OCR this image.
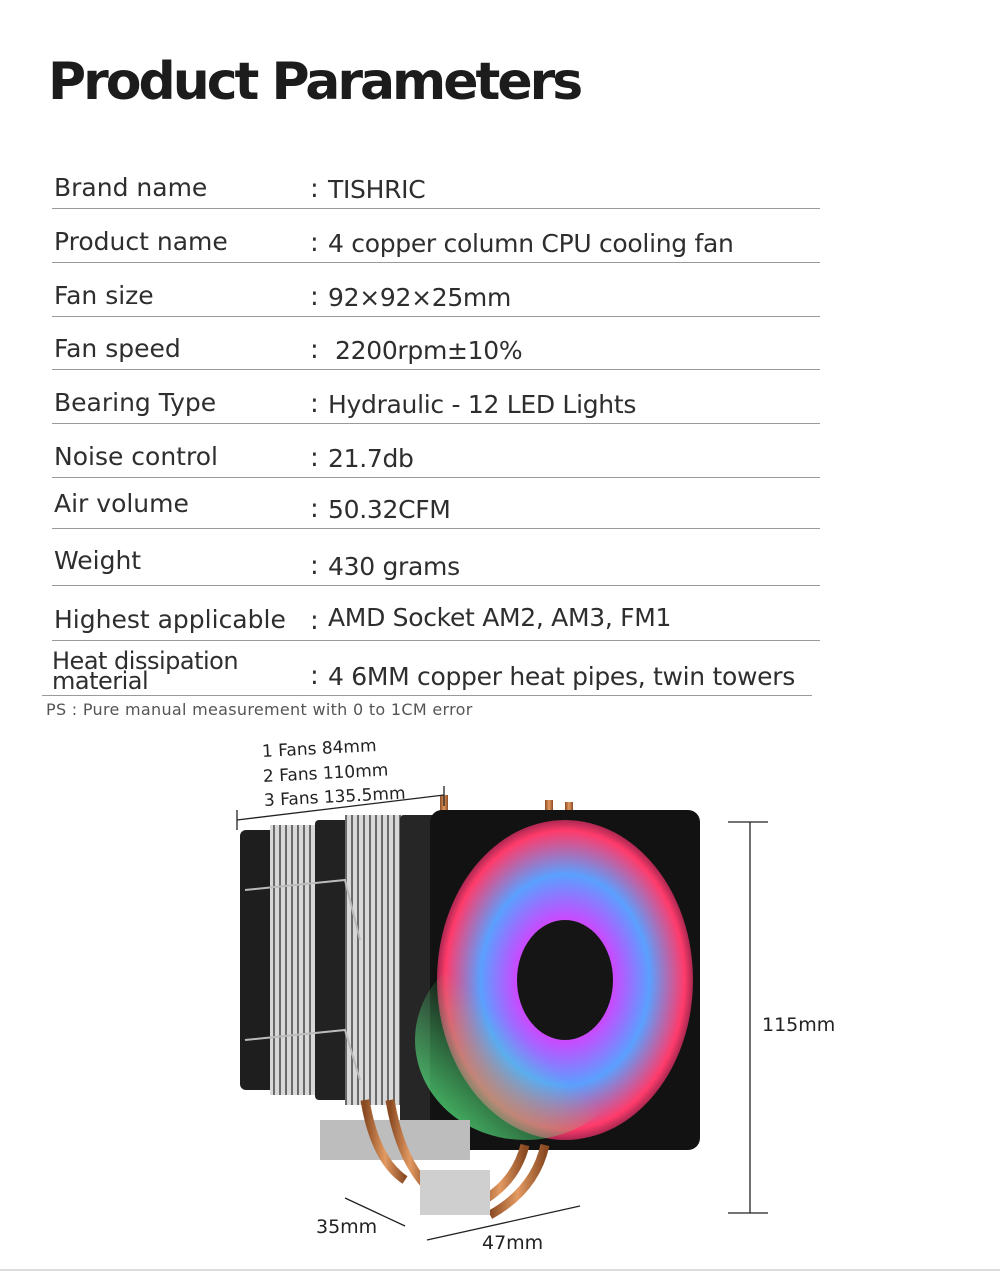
Product Parameters
Brand name	: TISHRIC
Product name	: 4 copper column CPU cooling fan
Fan size	: 92×92×25mm
Fan speed	: 2200rpm±10%
Bearing Type	: Hydraulic - 12 LED Lights
Noise control	: 21.7db
Air volume	: 50.32CFM
Weight	: 430 grams
Highest applicable : AMD Socket AM2, AM3, FM1
Heat dissipation material	: 4 6MM copper heat pipes, twin towers
PS : Pure manual measurement with 0 to 1CM error
1 Fans 84mm
2 Fans 110mm
3 Fans 135.5mm
115mm
35mm
47mm
